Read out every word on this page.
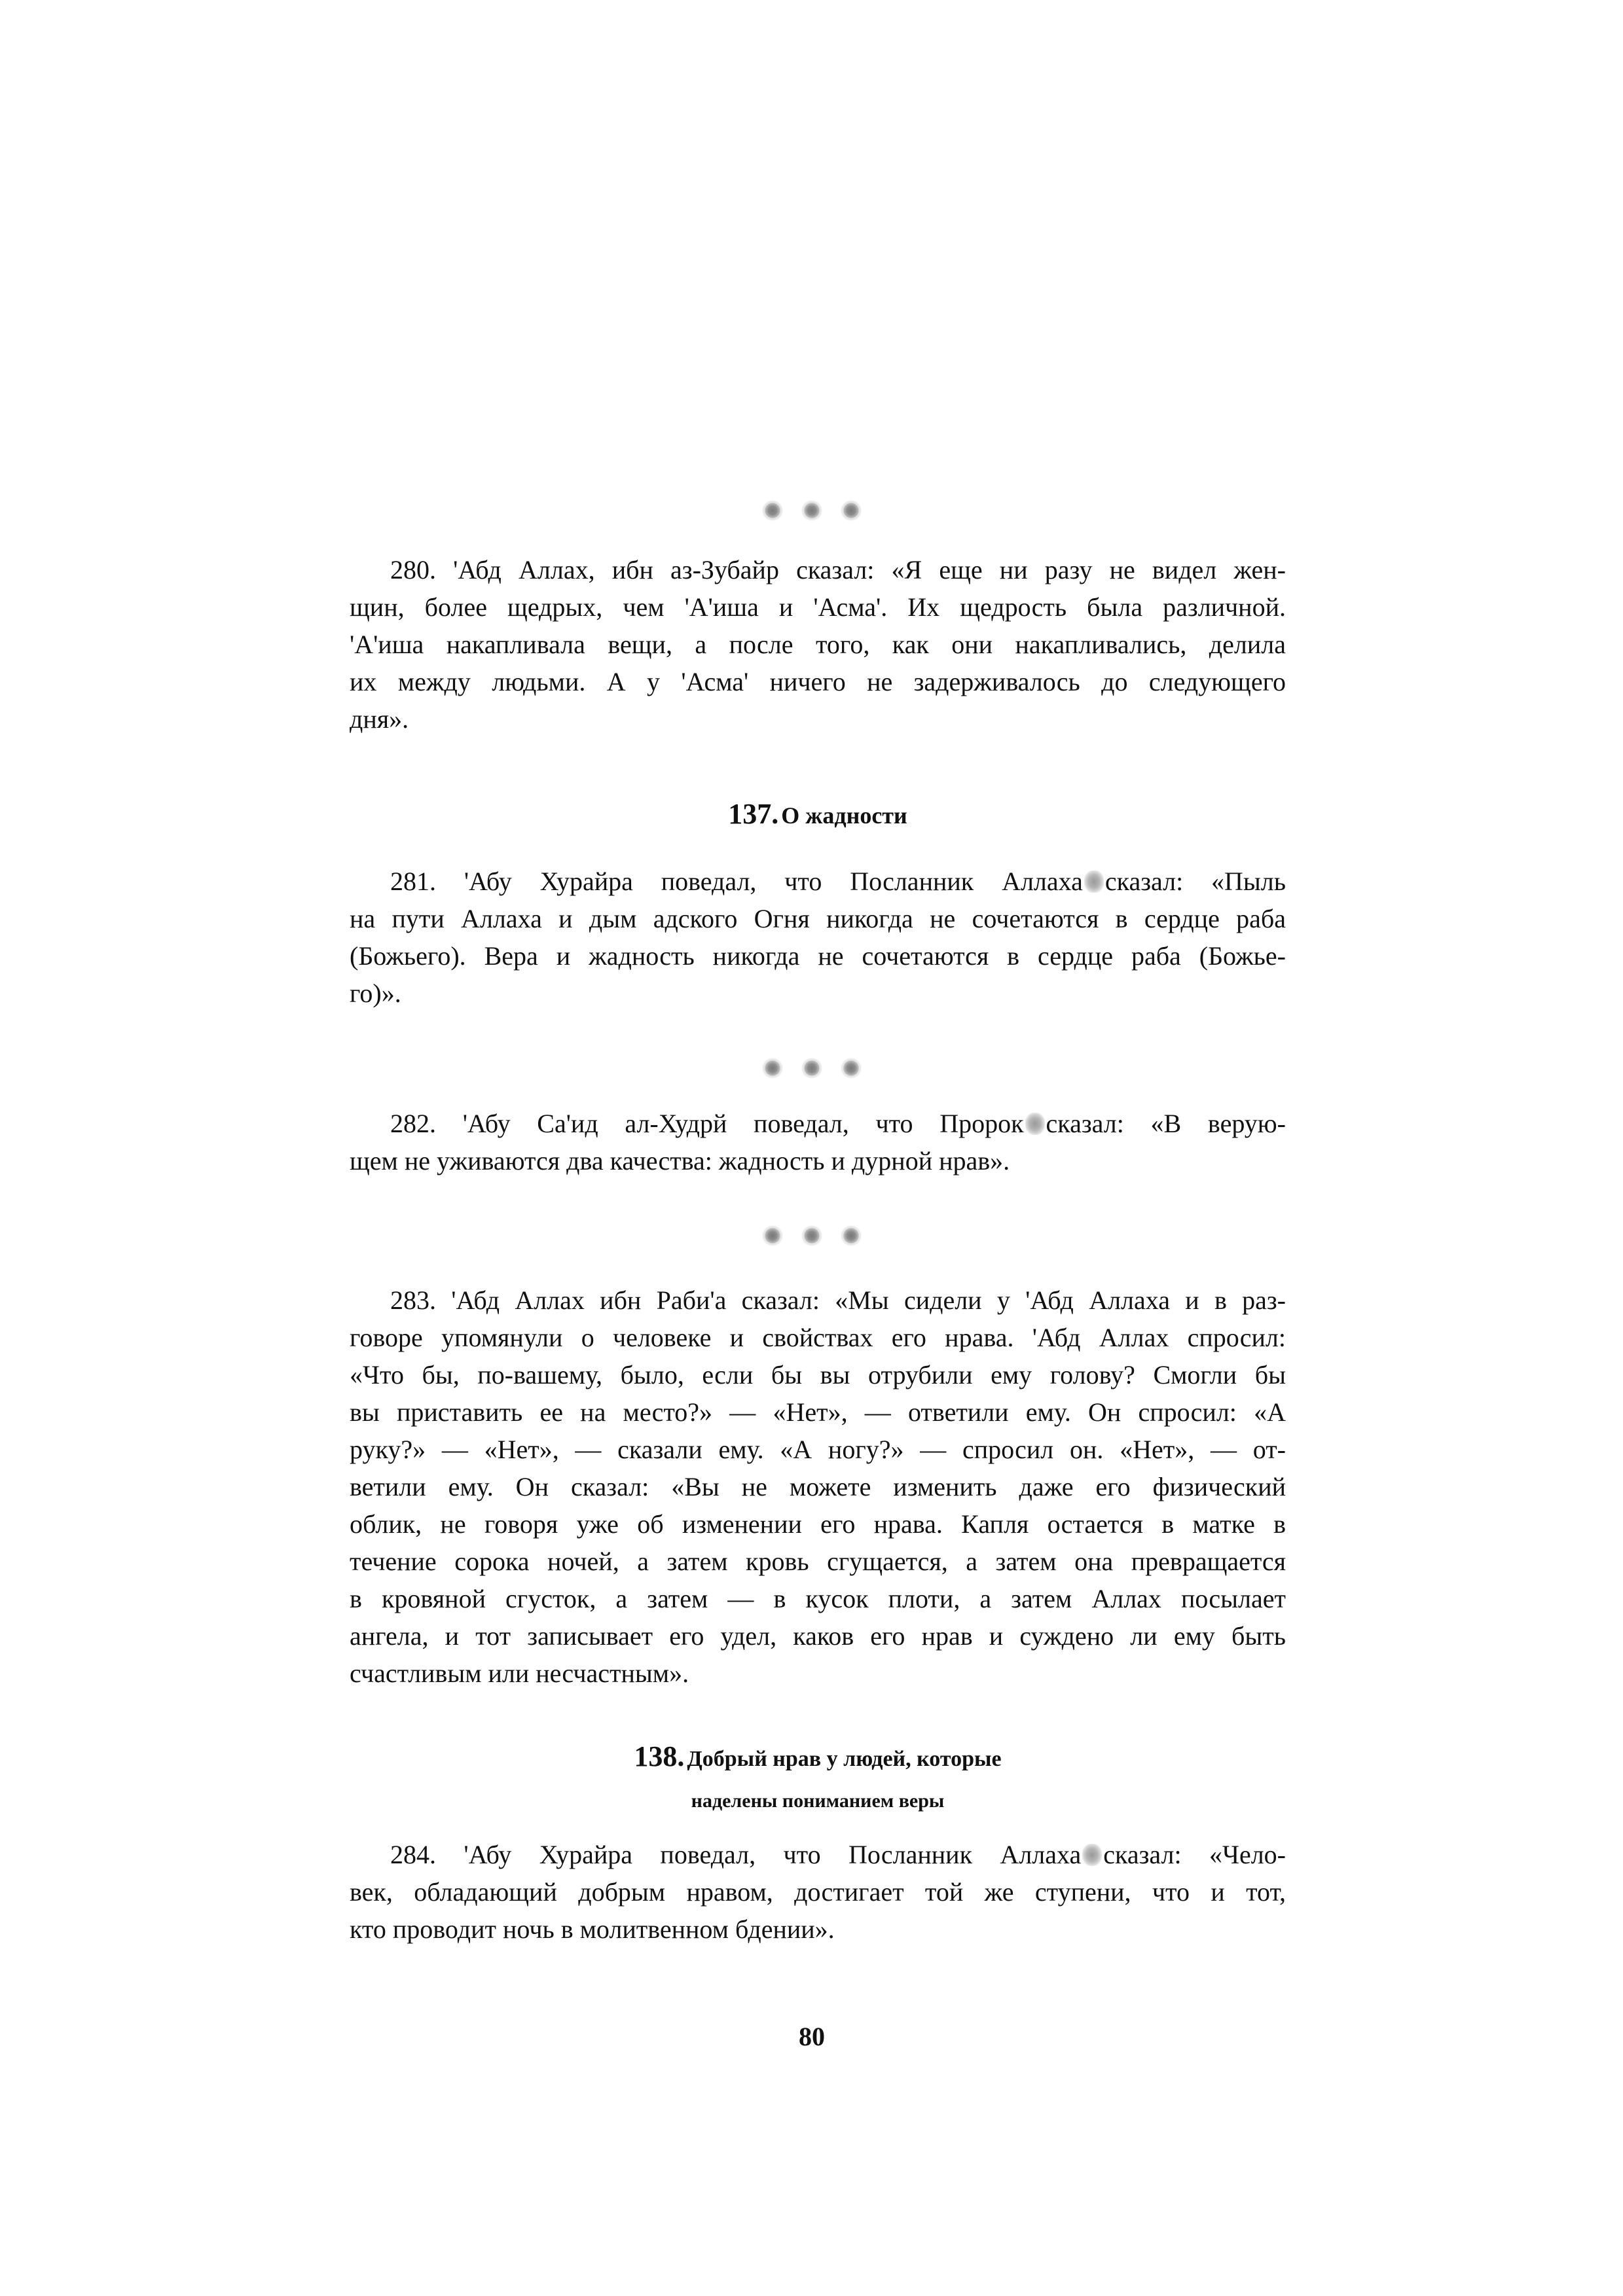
280. 'Абд Аллах, ибн аз-Зубайр сказал: «Я еще ни разу не видел жен-
щин, более щедрых, чем 'А'иша и 'Асма'. Их щедрость была различной.
'А'иша накапливала вещи, а после того, как они накапливались, делила
их между людьми. А у 'Асма' ничего не задерживалось до следующего
дня».
137. О жадности
281. 'Абу Хурайра поведал, что Посланник Аллаха сказал: «Пыль
на пути Аллаха и дым адского Огня никогда не сочетаются в сердце раба
(Божьего). Вера и жадность никогда не сочетаются в сердце раба (Божье-
го)».
282. 'Абу Са'ид ал-Худрй поведал, что Пророк сказал: «В верую-
щем не уживаются два качества: жадность и дурной нрав».
283. 'Абд Аллах ибн Раби'а сказал: «Мы сидели у 'Абд Аллаха и в раз-
говоре упомянули о человеке и свойствах его нрава. 'Абд Аллах спросил:
«Что бы, по-вашему, было, если бы вы отрубили ему голову? Смогли бы
вы приставить ее на место?» — «Нет», — ответили ему. Он спросил: «А
руку?» — «Нет», — сказали ему. «А ногу?» — спросил он. «Нет», — от-
ветили ему. Он сказал: «Вы не можете изменить даже его физический
облик, не говоря уже об изменении его нрава. Капля остается в матке в
течение сорока ночей, а затем кровь сгущается, а затем она превращается
в кровяной сгусток, а затем — в кусок плоти, а затем Аллах посылает
ангела, и тот записывает его удел, каков его нрав и суждено ли ему быть
счастливым или несчастным».
138. Добрый нрав у людей, которые
наделены пониманием веры
284. 'Абу Хурайра поведал, что Посланник Аллаха сказал: «Чело-
век, обладающий добрым нравом, достигает той же ступени, что и тот,
кто проводит ночь в молитвенном бдении».
80
